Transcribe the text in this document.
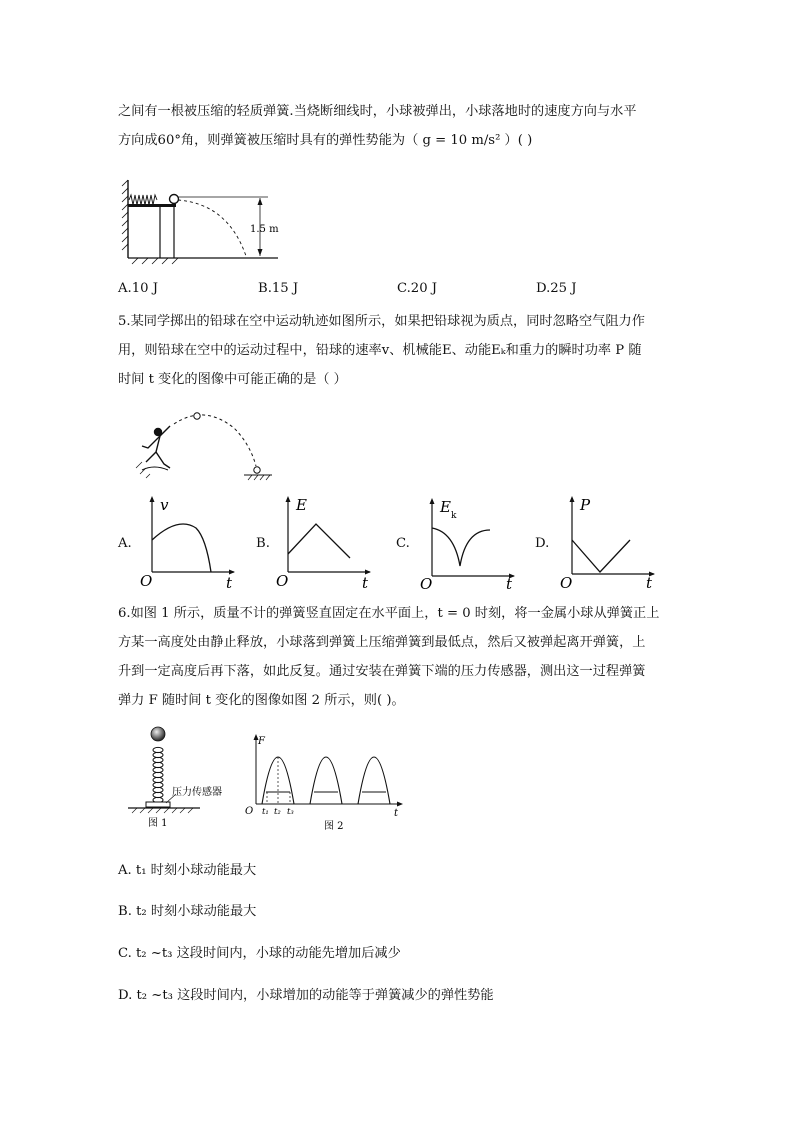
之间有一根被压缩的轻质弹簧.当烧断细线时，小球被弹出，小球落地时的速度方向与水平
方向成60°角，则弹簧被压缩时具有的弹性势能为（ g = 10 m/s² ）( )
1.5 m
A.10 J	B.15 J	C.20 J	D.25 J
5.某同学掷出的铅球在空中运动轨迹如图所示，如果把铅球视为质点，同时忽略空气阻力作
用，则铅球在空中的运动过程中，铅球的速率v、机械能E、动能Eₖ和重力的瞬时功率 P 随
时间 t 变化的图像中可能正确的是（ ）
A.
v
t
O
B.
E
t
O
C.
E k
t
O
D.
P
t
O
6.如图 1 所示，质量不计的弹簧竖直固定在水平面上，t = 0 时刻，将一金属小球从弹簧正上
方某一高度处由静止释放，小球落到弹簧上压缩弹簧到最低点，然后又被弹起离开弹簧，上
升到一定高度后再下落，如此反复。通过安装在弹簧下端的压力传感器，测出这一过程弹簧
弹力 F 随时间 t 变化的图像如图 2 所示，则( )。
压力传感器
图 1
F
t
O t₁ t₂ t₃
图 2
A. t₁ 时刻小球动能最大
B. t₂ 时刻小球动能最大
C. t₂ ~t₃ 这段时间内，小球的动能先增加后减少
D. t₂ ~t₃ 这段时间内，小球增加的动能等于弹簧减少的弹性势能
